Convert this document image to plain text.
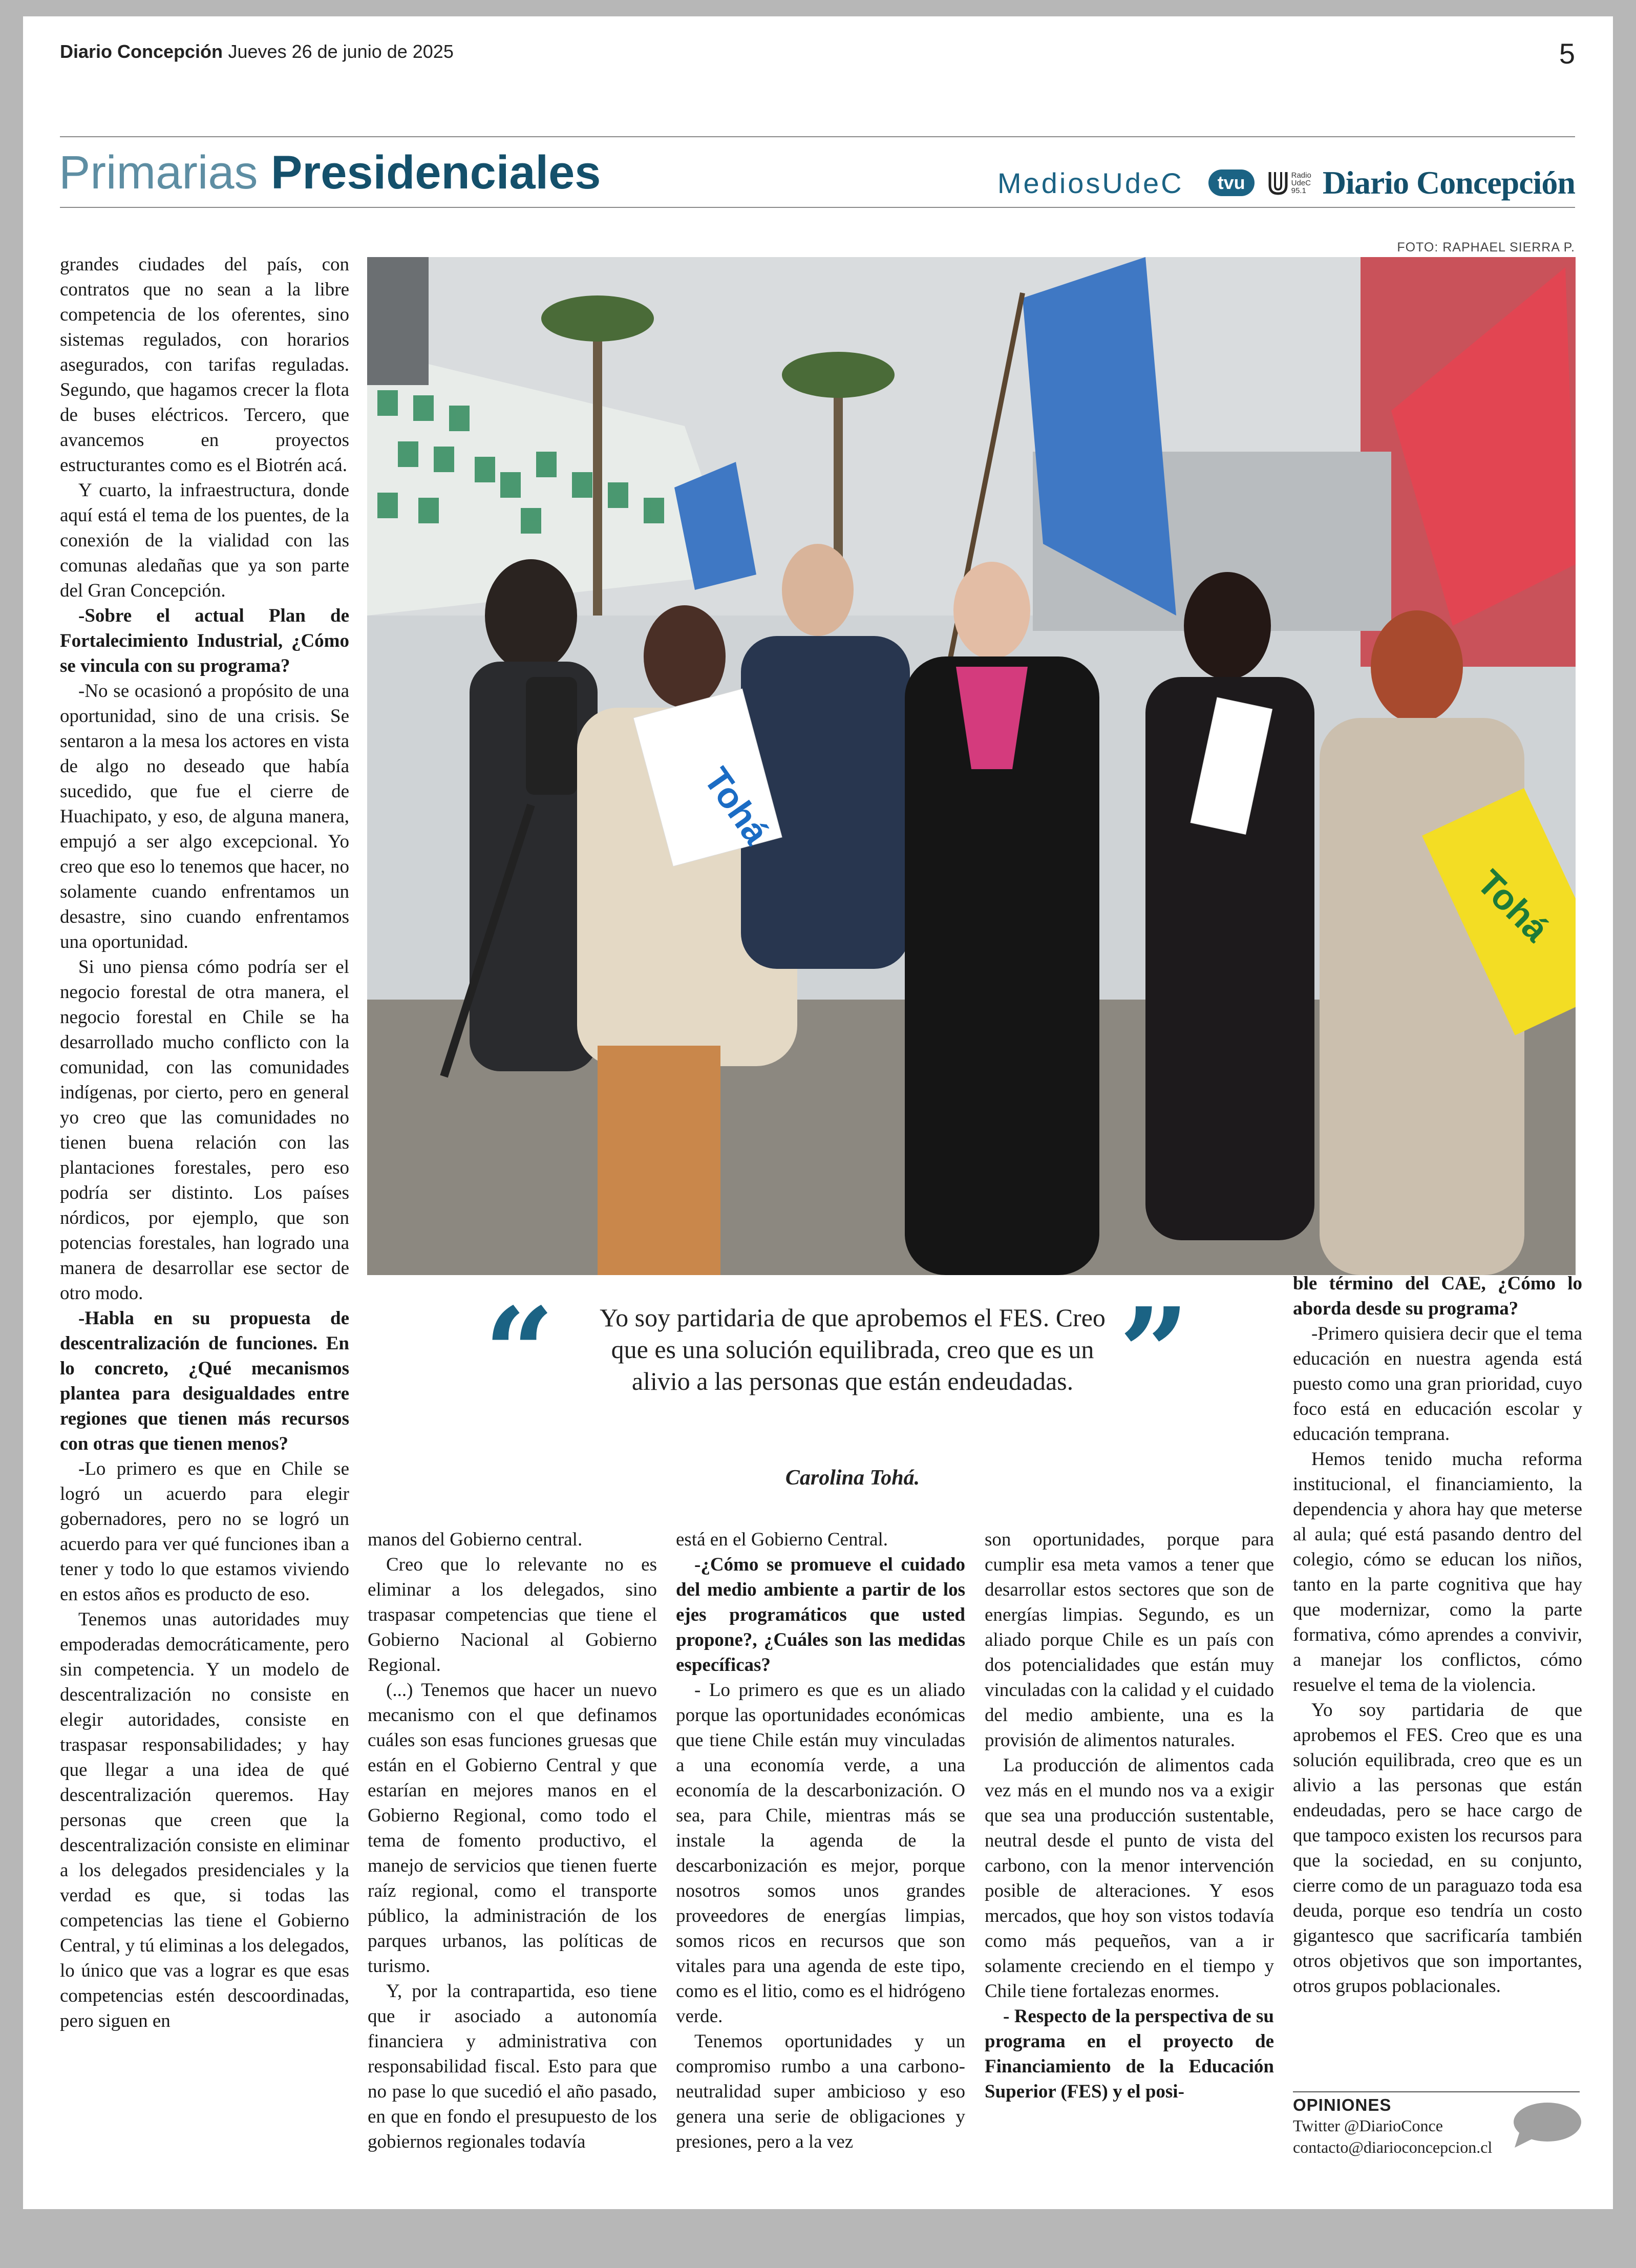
Diario Concepción Jueves 26 de junio de 2025	5
Primarias Presidenciales	MediosUdeC	tvu	Radio
UdeC
95.1 Diario Concepción
FOTO: RAPHAEL SIERRA P.
Tohá
Tohá

grandes ciudades del país, con contratos que no sean a la libre competencia de los oferentes, sino sistemas regulados, con horarios asegurados, con tarifas reguladas. Segundo, que hagamos crecer la flota de buses eléctricos. Tercero, que avancemos en proyectos estructurantes como es el Biotrén acá.

Y cuarto, la infraestructura, donde aquí está el tema de los puentes, de la conexión de la vialidad con las comunas aledañas que ya son parte del Gran Concepción.

-Sobre el actual Plan de Fortalecimiento Industrial, ¿Cómo se vincula con su programa?

-No se ocasionó a propósito de una oportunidad, sino de una crisis. Se sentaron a la mesa los actores en vista de algo no deseado que había sucedido, que fue el cierre de Huachipato, y eso, de alguna manera, empujó a ser algo excepcional. Yo creo que eso lo tenemos que hacer, no solamente cuando enfrentamos un desastre, sino cuando enfrentamos una oportunidad.

Si uno piensa cómo podría ser el negocio forestal de otra manera, el negocio forestal en Chile se ha desarrollado mucho conflicto con la comunidad, con las comunidades indígenas, por cierto, pero en general yo creo que las comunidades no tienen buena relación con las plantaciones forestales, pero eso podría ser distinto. Los países nórdicos, por ejemplo, que son potencias forestales, han logrado una manera de desarrollar ese sector de otro modo.

-Habla en su propuesta de descentralización de funciones. En lo concreto, ¿Qué mecanismos plantea para desigualdades entre regiones que tienen más recursos con otras que tienen menos?

-Lo primero es que en Chile se logró un acuerdo para elegir gobernadores, pero no se logró un acuerdo para ver qué funciones iban a tener y todo lo que estamos viviendo en estos años es producto de eso.

Tenemos unas autoridades muy empoderadas democráticamente, pero sin competencia. Y un modelo de descentralización no consiste en elegir autoridades, consiste en traspasar responsabilidades; y hay que llegar a una idea de qué descentralización queremos. Hay personas que creen que la descentralización consiste en eliminar a los delegados presidenciales y la verdad es que, si todas las competencias las tiene el Gobierno Central, y tú eliminas a los delegados, lo único que vas a lograr es que esas competencias estén descoordinadas, pero siguen en

“	”
Yo soy partidaria de que aprobemos el FES. Creo que es una solución equilibrada, creo que es un alivio a las personas que están endeudadas.
Carolina Tohá.

manos del Gobierno central.

Creo que lo relevante no es eliminar a los delegados, sino traspasar competencias que tiene el Gobierno Nacional al Gobierno Regional.

(...) Tenemos que hacer un nuevo mecanismo con el que definamos cuáles son esas funciones gruesas que están en el Gobierno Central y que estarían en mejores manos en el Gobierno Regional, como todo el tema de fomento productivo, el manejo de servicios que tienen fuerte raíz regional, como el transporte público, la administración de los parques urbanos, las políticas de turismo.

Y, por la contrapartida, eso tiene que ir asociado a autonomía financiera y administrativa con responsabilidad fiscal. Esto para que no pase lo que sucedió el año pasado, en que en fondo el presupuesto de los gobiernos regionales todavía

está en el Gobierno Central.

-¿Cómo se promueve el cuidado del medio ambiente a partir de los ejes programáticos que usted propone?, ¿Cuáles son las medidas específicas?

- Lo primero es que es un aliado porque las oportunidades económicas que tiene Chile están muy vinculadas a una economía verde, a una economía de la descarbonización. O sea, para Chile, mientras más se instale la agenda de la descarbonización es mejor, porque nosotros somos unos grandes proveedores de energías limpias, somos ricos en recursos que son vitales para una agenda de este tipo, como es el litio, como es el hidrógeno verde.

Tenemos oportunidades y un compromiso rumbo a una carbono-neutralidad super ambicioso y eso genera una serie de obligaciones y presiones, pero a la vez

son oportunidades, porque para cumplir esa meta vamos a tener que desarrollar estos sectores que son de energías limpias. Segundo, es un aliado porque Chile es un país con dos potencialidades que están muy vinculadas con la calidad y el cuidado del medio ambiente, una es la provisión de alimentos naturales.

La producción de alimentos cada vez más en el mundo nos va a exigir que sea una producción sustentable, neutral desde el punto de vista del carbono, con la menor intervención posible de alteraciones. Y esos mercados, que hoy son vistos todavía como más pequeños, van a ir solamente creciendo en el tiempo y Chile tiene fortalezas enormes.

- Respecto de la perspectiva de su programa en el proyecto de Financiamiento de la Educación Superior (FES) y el posi-

ble término del CAE, ¿Cómo lo aborda desde su programa?

-Primero quisiera decir que el tema educación en nuestra agenda está puesto como una gran prioridad, cuyo foco está en educación escolar y educación temprana.

Hemos tenido mucha reforma institucional, el financiamiento, la dependencia y ahora hay que meterse al aula; qué está pasando dentro del colegio, cómo se educan los niños, tanto en la parte cognitiva que hay que modernizar, como la parte formativa, cómo aprendes a convivir, a manejar los conflictos, cómo resuelve el tema de la violencia.

Yo soy partidaria de que aprobemos el FES. Creo que es una solución equilibrada, creo que es un alivio a las personas que están endeudadas, pero se hace cargo de que tampoco existen los recursos para que la sociedad, en su conjunto, cierre como de un paraguazo toda esa deuda, porque eso tendría un costo gigantesco que sacrificaría también otros objetivos que son importantes, otros grupos poblacionales.

OPINIONES
Twitter @DiarioConce
contacto@diarioconcepcion.cl
